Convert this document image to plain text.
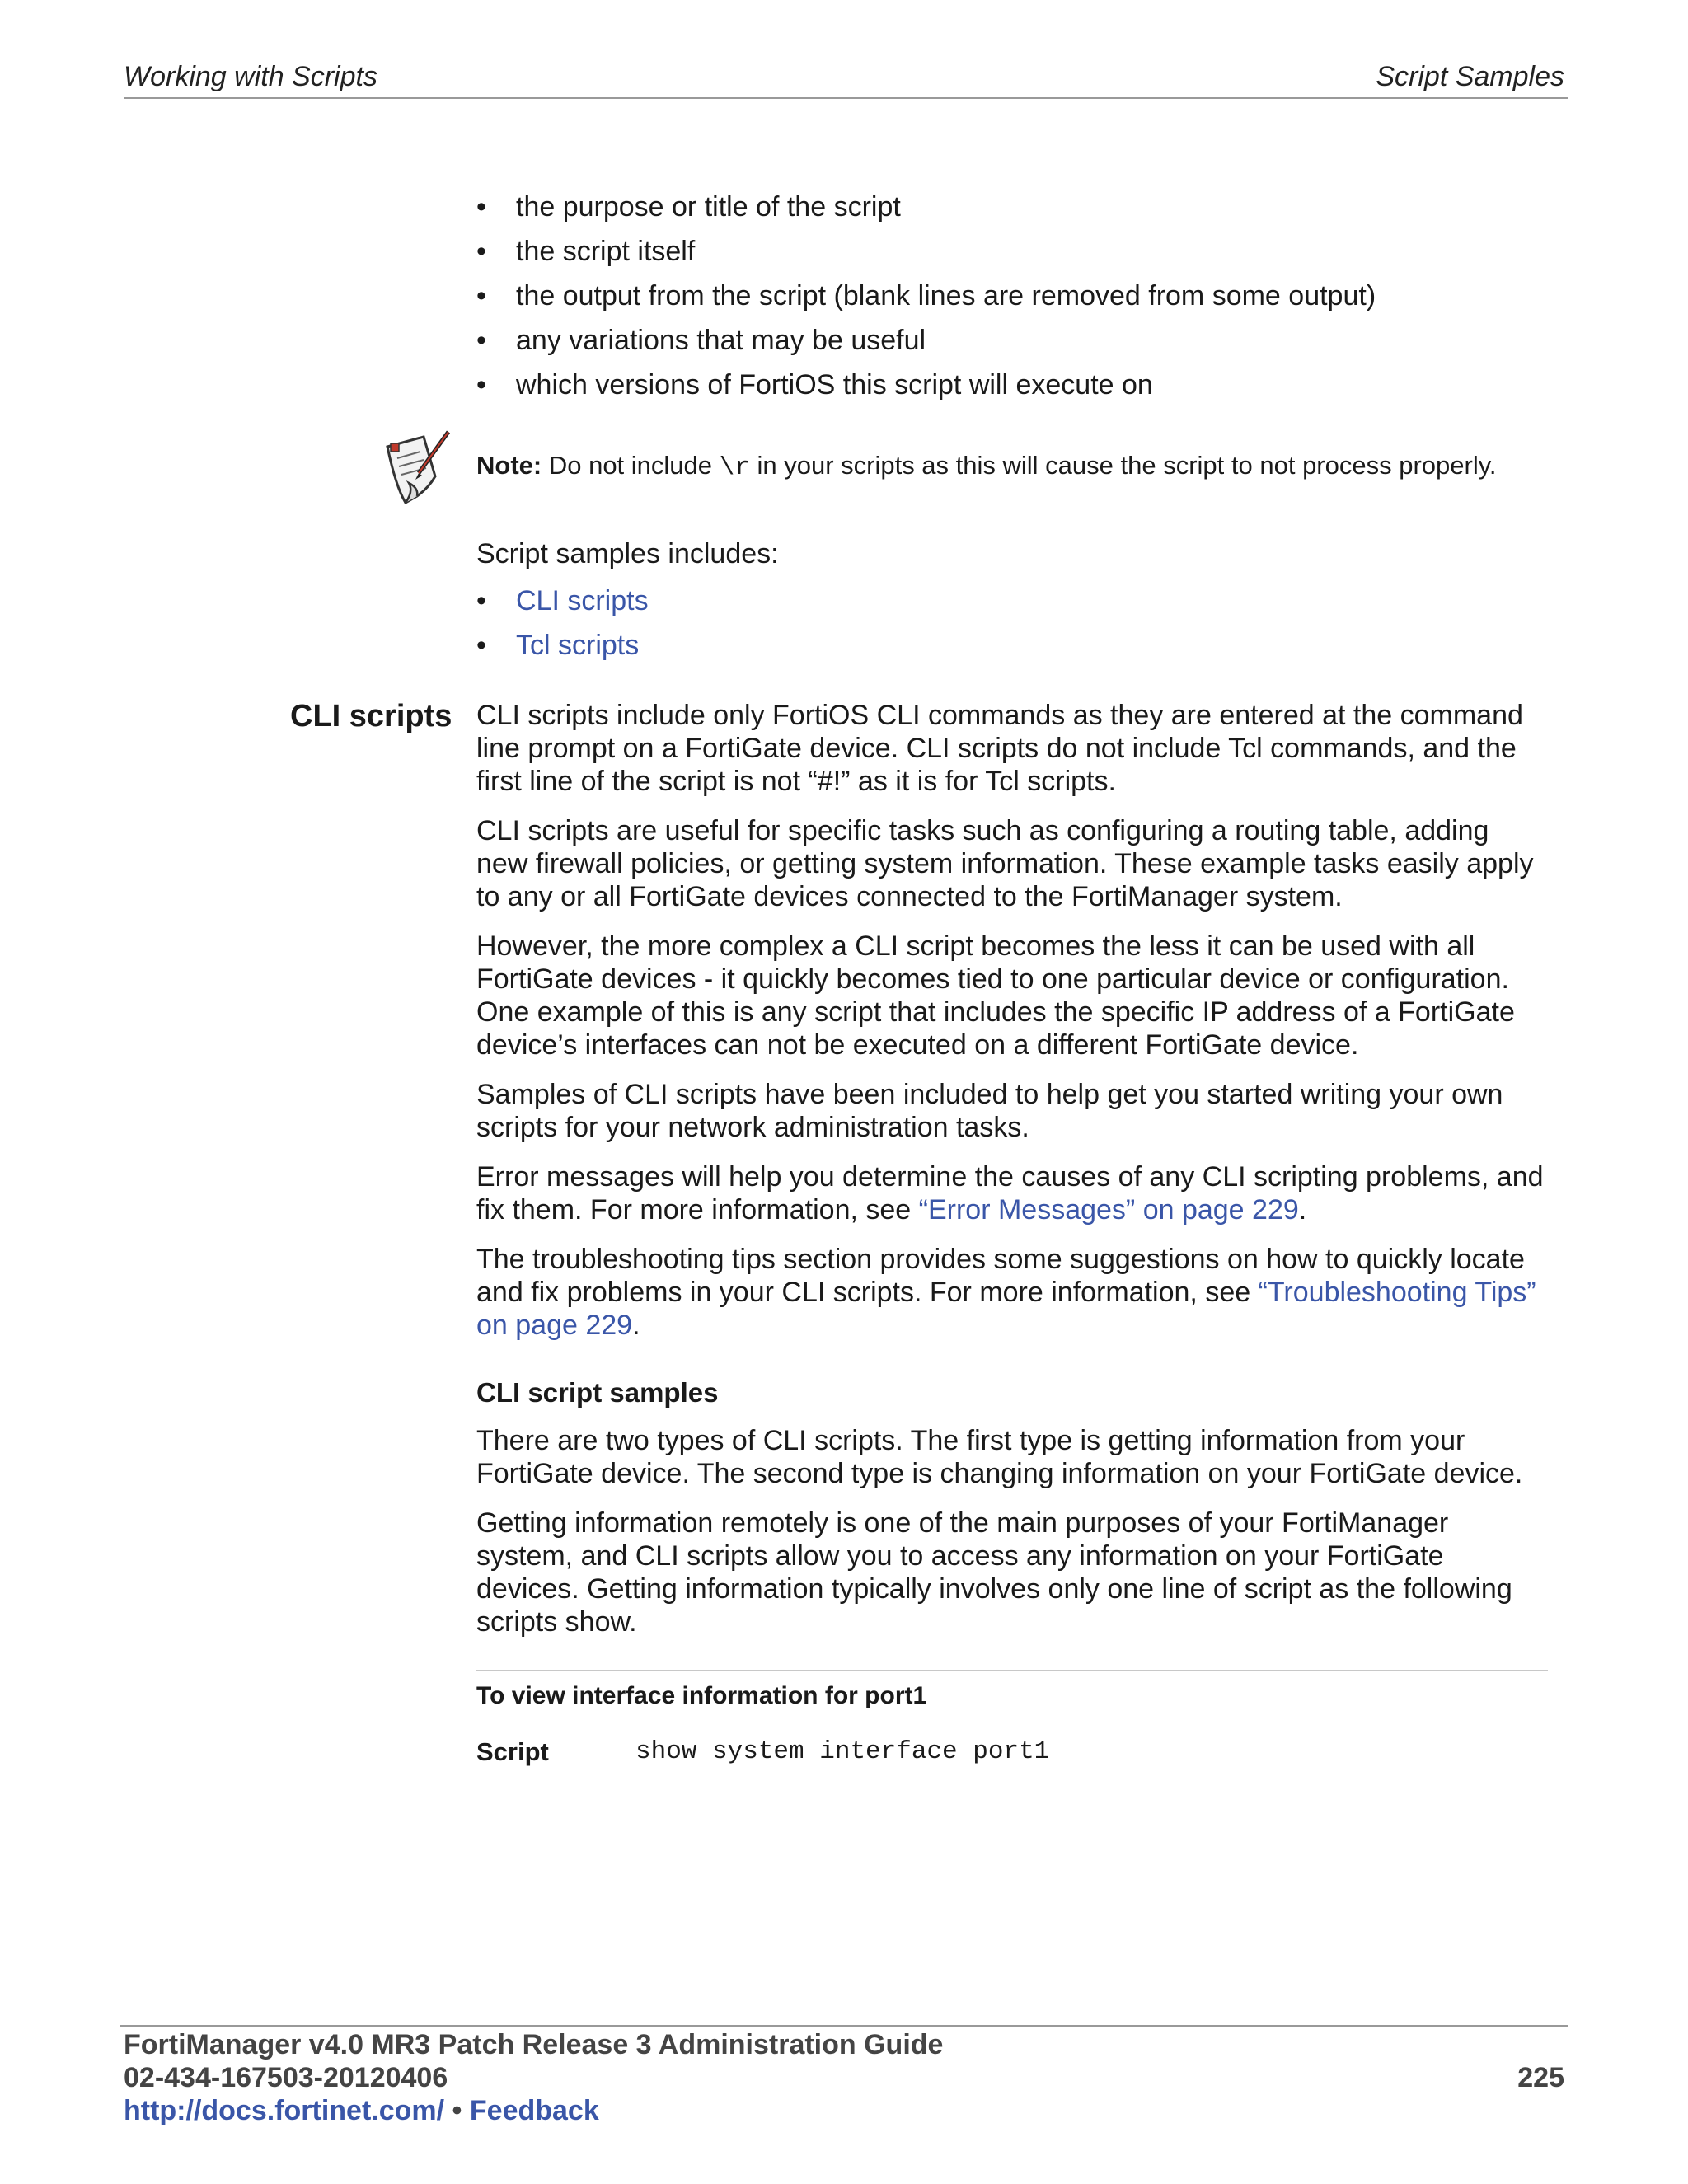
Working with Scripts	Script Samples
• the purpose or title of the script
• the script itself
• the output from the script (blank lines are removed from some output)
• any variations that may be useful
• which versions of FortiOS this script will execute on
Note: Do not include \r in your scripts as this will cause the script to not process properly.

Script samples includes:

• CLI scripts
• Tcl scripts
CLI scripts CLI scripts include only FortiOS CLI commands as they are entered at the command line prompt on a FortiGate device. CLI scripts do not include Tcl commands, and the first line of the script is not “#!” as it is for Tcl scripts.

CLI scripts are useful for specific tasks such as configuring a routing table, adding new firewall policies, or getting system information. These example tasks easily apply to any or all FortiGate devices connected to the FortiManager system.

However, the more complex a CLI script becomes the less it can be used with all FortiGate devices - it quickly becomes tied to one particular device or configuration. One example of this is any script that includes the specific IP address of a FortiGate device’s interfaces can not be executed on a different FortiGate device.

Samples of CLI scripts have been included to help get you started writing your own scripts for your network administration tasks.

Error messages will help you determine the causes of any CLI scripting problems, and fix them. For more information, see “Error Messages” on page 229.

The troubleshooting tips section provides some suggestions on how to quickly locate and fix problems in your CLI scripts. For more information, see “Troubleshooting Tips” on page 229.

CLI script samples

There are two types of CLI scripts. The first type is getting information from your FortiGate device. The second type is changing information on your FortiGate device.

Getting information remotely is one of the main purposes of your FortiManager system, and CLI scripts allow you to access any information on your FortiGate devices. Getting information typically involves only one line of script as the following scripts show.

To view interface information for port1
Script	show system interface port1
FortiManager v4.0 MR3 Patch Release 3 Administration Guide
02-434-167503-20120406	225
http://docs.fortinet.com/ • Feedback
